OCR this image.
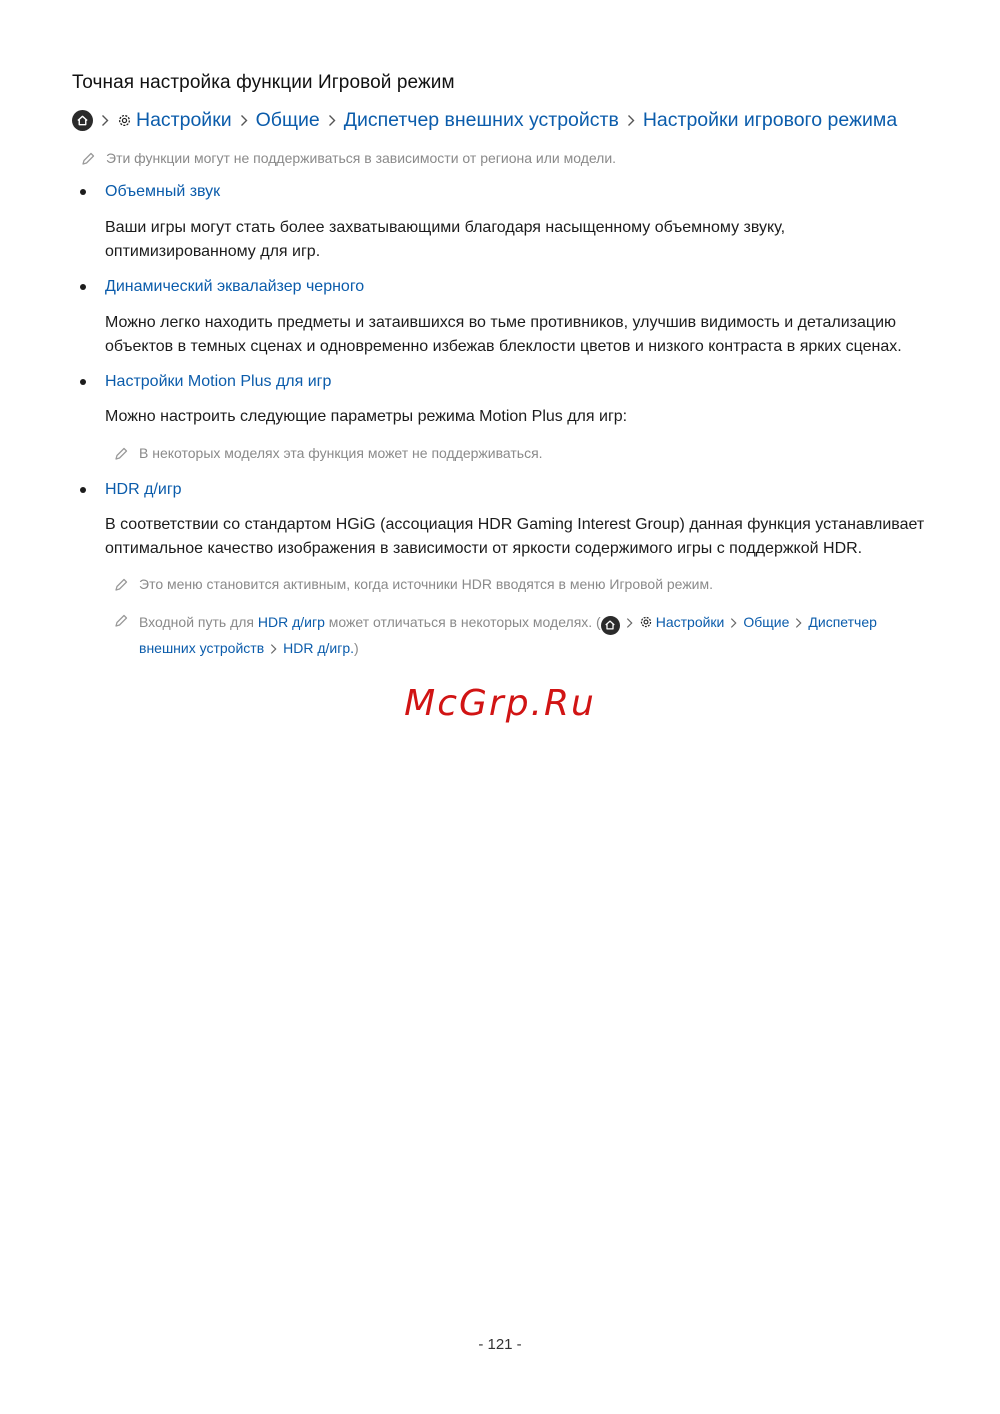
Точная настройка функции Игровой режим
Настройки Общие Диспетчер внешних устройств Настройки игрового режима
Эти функции могут не поддерживаться в зависимости от региона или модели.
Объемный звук
Ваши игры могут стать более захватывающими благодаря насыщенному объемному звуку, оптимизированному для игр.
Динамический эквалайзер черного
Можно легко находить предметы и затаившихся во тьме противников, улучшив видимость и детализацию объектов в темных сценах и одновременно избежав блеклости цветов и низкого контраста в ярких сценах.
Настройки Motion Plus для игр
Можно настроить следующие параметры режима Motion Plus для игр:
В некоторых моделях эта функция может не поддерживаться.
HDR д/игр
В соответствии со стандартом HGiG (ассоциация HDR Gaming Interest Group) данная функция устанавливает оптимальное качество изображения в зависимости от яркости содержимого игры с поддержкой HDR.
Это меню становится активным, когда источники HDR вводятся в меню Игровой режим.
Входной путь для HDR д/игр может отличаться в некоторых моделях. (	Настройки Общие Диспетчер внешних устройств HDR д/игр.)
McGrp.Ru
- 121 -
